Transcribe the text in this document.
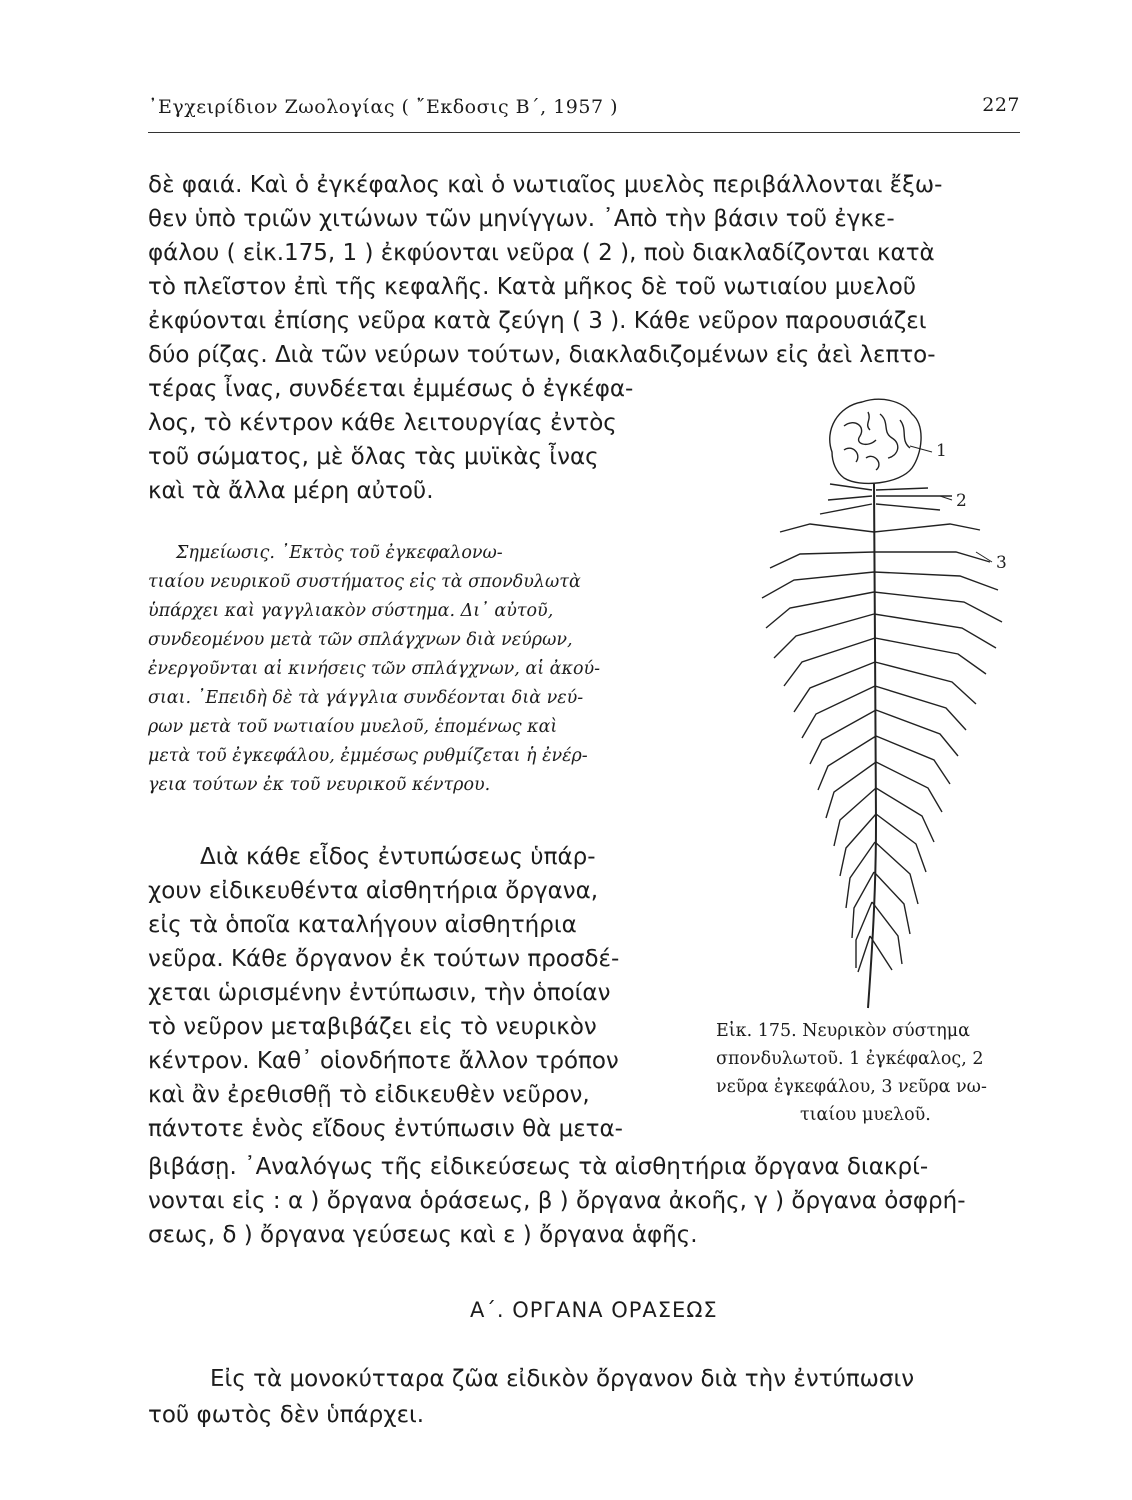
᾿Εγχειρίδιον Ζωολογίας ( ῎Εκδοσις Β΄, 1957 )	227
δὲ φαιά. Καὶ ὁ ἐγκέφαλος καὶ ὁ νωτιαῖος μυελὸς περιβάλλονται ἔξω-
θεν ὑπὸ τριῶν χιτώνων τῶν μηνίγγων. ᾿Απὸ τὴν βάσιν τοῦ ἐγκε-
φάλου ( εἰκ.175, 1 ) ἐκφύονται νεῦρα ( 2 ), ποὺ διακλαδίζονται κατὰ
τὸ πλεῖστον ἐπὶ τῆς κεφαλῆς. Κατὰ μῆκος δὲ τοῦ νωτιαίου μυελοῦ
ἐκφύονται ἐπίσης νεῦρα κατὰ ζεύγη ( 3 ). Κάθε νεῦρον παρουσιάζει
δύο ρίζας. Διὰ τῶν νεύρων τούτων, διακλαδιζομένων εἰς ἀεὶ λεπτο-
τέρας ἶνας, συνδέεται ἐμμέσως ὁ ἐγκέφα-
λος, τὸ κέντρον κάθε λειτουργίας ἐντὸς
τοῦ σώματος, μὲ ὅλας τὰς μυϊκὰς ἶνας
καὶ τὰ ἄλλα μέρη αὐτοῦ.
Σημείωσις. ᾿Εκτὸς τοῦ ἐγκεφαλονω-
τιαίου νευρικοῦ συστήματος εἰς τὰ σπονδυλωτὰ
ὑπάρχει καὶ γαγγλιακὸν σύστημα. Δι᾿ αὐτοῦ,
συνδεομένου μετὰ τῶν σπλάγχνων διὰ νεύρων,
ἐνεργοῦνται αἱ κινήσεις τῶν σπλάγχνων, αἱ ἀκού-
σιαι. ᾿Επειδὴ δὲ τὰ γάγγλια συνδέονται διὰ νεύ-
ρων μετὰ τοῦ νωτιαίου μυελοῦ, ἑπομένως καὶ
μετὰ τοῦ ἐγκεφάλου, ἐμμέσως ρυθμίζεται ἡ ἐνέρ-
γεια τούτων ἐκ τοῦ νευρικοῦ κέντρου.
Διὰ κάθε εἶδος ἐντυπώσεως ὑπάρ-
χουν εἰδικευθέντα αἰσθητήρια ὄργανα,
εἰς τὰ ὁποῖα καταλήγουν αἰσθητήρια
νεῦρα. Κάθε ὄργανον ἐκ τούτων προσδέ-
χεται ὡρισμένην ἐντύπωσιν, τὴν ὁποίαν
τὸ νεῦρον μεταβιβάζει εἰς τὸ νευρικὸν
κέντρον. Καθ᾿ οἱονδήποτε ἄλλον τρόπον
καὶ ἂν ἐρεθισθῇ τὸ εἰδικευθὲν νεῦρον,
πάντοτε ἑνὸς εἴδους ἐντύπωσιν θὰ μετα-
βιβάσῃ. ᾿Αναλόγως τῆς εἰδικεύσεως τὰ αἰσθητήρια ὄργανα διακρί-
νονται εἰς : α ) ὄργανα ὁράσεως, β ) ὄργανα ἀκοῆς, γ ) ὄργανα ὀσφρή-
σεως, δ ) ὄργανα γεύσεως καὶ ε ) ὄργανα ἁφῆς.
Α΄. ΟΡΓΑΝΑ ΟΡΑΣΕΩΣ
Εἰς τὰ μονοκύτταρα ζῶα εἰδικὸν ὄργανον διὰ τὴν ἐντύπωσιν
τοῦ φωτὸς δὲν ὑπάρχει.
1
2
3
Εἰκ. 175. Νευρικὸν σύστημα
σπονδυλωτοῦ. 1 ἐγκέφαλος, 2
νεῦρα ἐγκεφάλου, 3 νεῦρα νω-
τιαίου μυελοῦ.
